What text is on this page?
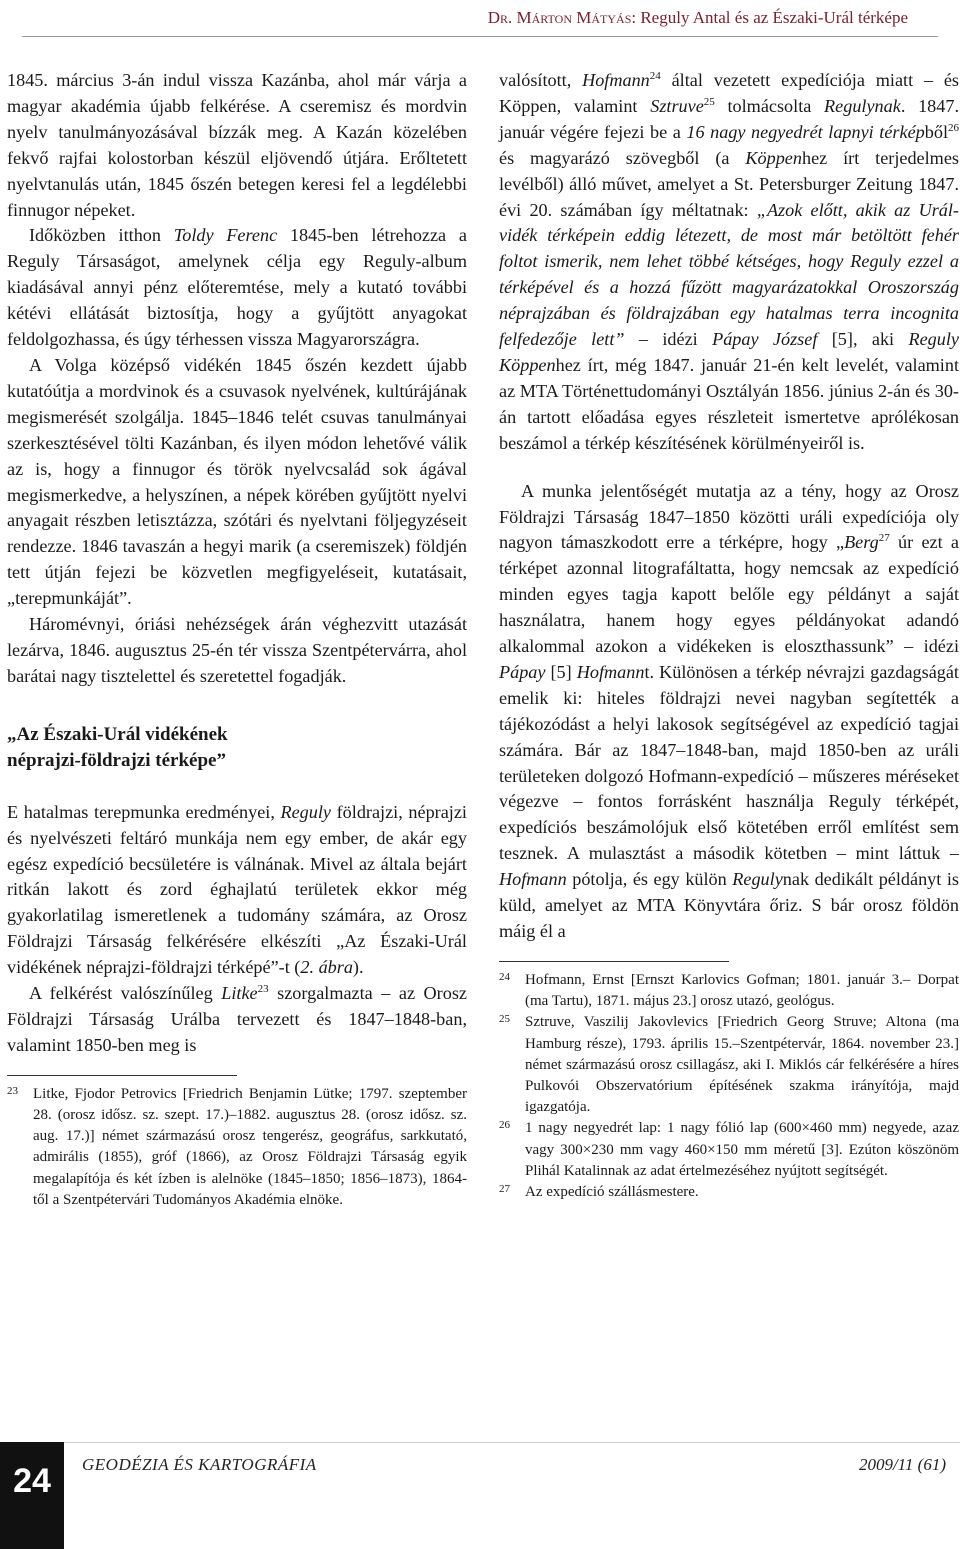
Dr. Márton Mátyás: Reguly Antal és az Északi-Urál térképe

1845. március 3-án indul vissza Kazánba, ahol már várja a magyar akadémia újabb felkérése. A cseremisz és mordvin nyelv tanulmányozásával bízzák meg. A Kazán közelében fekvő rajfai kolostorban készül eljövendő útjára. Erőltetett nyelvtanulás után, 1845 őszén betegen keresi fel a legdélebbi finnugor népeket.

Időközben itthon Toldy Ferenc 1845-ben létrehozza a Reguly Társaságot, amelynek célja egy Reguly-album kiadásával annyi pénz előteremtése, mely a kutató további kétévi ellátását biztosítja, hogy a gyűjtött anyagokat feldolgozhassa, és úgy térhessen vissza Magyarországra.

A Volga középső vidékén 1845 őszén kezdett újabb kutatóútja a mordvinok és a csuvasok nyelvének, kultúrájának megismerését szolgálja. 1845–1846 telét csuvas tanulmányai szerkesztésével tölti Kazánban, és ilyen módon lehetővé válik az is, hogy a finnugor és török nyelvcsalád sok ágával megismerkedve, a helyszínen, a népek körében gyűjtött nyelvi anyagait részben letisztázza, szótári és nyelvtani följegyzéseit rendezze. 1846 tavaszán a hegyi marik (a cseremiszek) földjén tett útján fejezi be közvetlen megfigyeléseit, kutatásait, „terepmunkáját”.

Háromévnyi, óriási nehézségek árán véghezvitt utazását lezárva, 1846. augusztus 25-én tér vissza Szentpétervárra, ahol barátai nagy tisztelettel és szeretettel fogadják.

„Az Északi-Urál vidékének
néprajzi-földrajzi térképe”

E hatalmas terepmunka eredményei, Reguly földrajzi, néprajzi és nyelvészeti feltáró munkája nem egy ember, de akár egy egész expedíció becsületére is válnának. Mivel az általa bejárt ritkán lakott és zord éghajlatú területek ekkor még gyakorlatilag ismeretlenek a tudomány számára, az Orosz Földrajzi Társaság felkérésére elkészíti „Az Északi-Urál vidékének néprajzi-földrajzi térképé”-t (2. ábra).

A felkérést valószínűleg Litke$^{23}$ szorgalmazta – az Orosz Földrajzi Társaság Urálba tervezett és 1847–1848-ban, valamint 1850-ben meg is

23 Litke, Fjodor Petrovics [Friedrich Benjamin Lütke; 1797. szeptember 28. (orosz idősz. sz. szept. 17.)–1882. augusztus 28. (orosz idősz. sz. aug. 17.)] német származású orosz tengerész, geográfus, sarkkutató, admirális (1855), gróf (1866), az Orosz Földrajzi Társaság egyik megalapítója és két ízben is alelnöke (1845–1850; 1856–1873), 1864-től a Szentpétervári Tudományos Akadémia elnöke.

valósított, Hofmann$^{24}$ által vezetett expedíciója miatt – és Köppen, valamint Sztruve$^{25}$ tolmácsolta Regulynak. 1847. január végére fejezi be a 16 nagy negyedrét lapnyi térképből$^{26}$ és magyarázó szövegből (a Köppenhez írt terjedelmes levélből) álló művet, amelyet a St. Petersburger Zeitung 1847. évi 20. számában így méltatnak: „Azok előtt, akik az Urál-vidék térképein eddig létezett, de most már betöltött fehér foltot ismerik, nem lehet többé kétséges, hogy Reguly ezzel a térképével és a hozzá fűzött magyarázatokkal Oroszország néprajzában és földrajzában egy hatalmas terra incognita felfedezője lett” – idézi Pápay József [5], aki Reguly Köppenhez írt, még 1847. január 21-én kelt levelét, valamint az MTA Történettudományi Osztályán 1856. június 2-án és 30-án tartott előadása egyes részleteit ismertetve aprólékosan beszámol a térkép készítésének körülményeiről is.

A munka jelentőségét mutatja az a tény, hogy az Orosz Földrajzi Társaság 1847–1850 közötti uráli expedíciója oly nagyon támaszkodott erre a térképre, hogy „Berg$^{27}$ úr ezt a térképet azonnal litografáltatta, hogy nemcsak az expedíció minden egyes tagja kapott belőle egy példányt a saját használatra, hanem hogy egyes példányokat adandó alkalommal azokon a vidékeken is eloszthassunk” – idézi Pápay [5] Hofmannt. Különösen a térkép névrajzi gazdagságát emelik ki: hiteles földrajzi nevei nagyban segítették a tájékozódást a helyi lakosok segítségével az expedíció tagjai számára. Bár az 1847–1848-ban, majd 1850-ben az uráli területeken dolgozó Hofmann-expedíció – műszeres méréseket végezve – fontos forrásként használja Reguly térképét, expedíciós beszámolójuk első kötetében erről említést sem tesznek. A mulasztást a második kötetben – mint láttuk – Hofmann pótolja, és egy külön Regulynak dedikált példányt is küld, amelyet az MTA Könyvtára őriz. S bár orosz földön máig él a

24 Hofmann, Ernst [Ernszt Karlovics Gofman; 1801. január 3.– Dorpat (ma Tartu), 1871. május 23.] orosz utazó, geológus.

25 Sztruve, Vaszilij Jakovlevics [Friedrich Georg Struve; Altona (ma Hamburg része), 1793. április 15.–Szentpétervár, 1864. november 23.] német származású orosz csillagász, aki I. Miklós cár felkérésére a híres Pulkovói Obszervatórium építésének szakma irányítója, majd igazgatója.

26 1 nagy negyedrét lap: 1 nagy fólió lap (600×460 mm) negyede, azaz vagy 300×230 mm vagy 460×150 mm méretű [3]. Ezúton köszönöm Plihál Katalinnak az adat értelmezéséhez nyújtott segítségét.

27 Az expedíció szállásmestere.

24	GEODÉZIA ÉS KARTOGRÁFIA	2009/11 (61)
